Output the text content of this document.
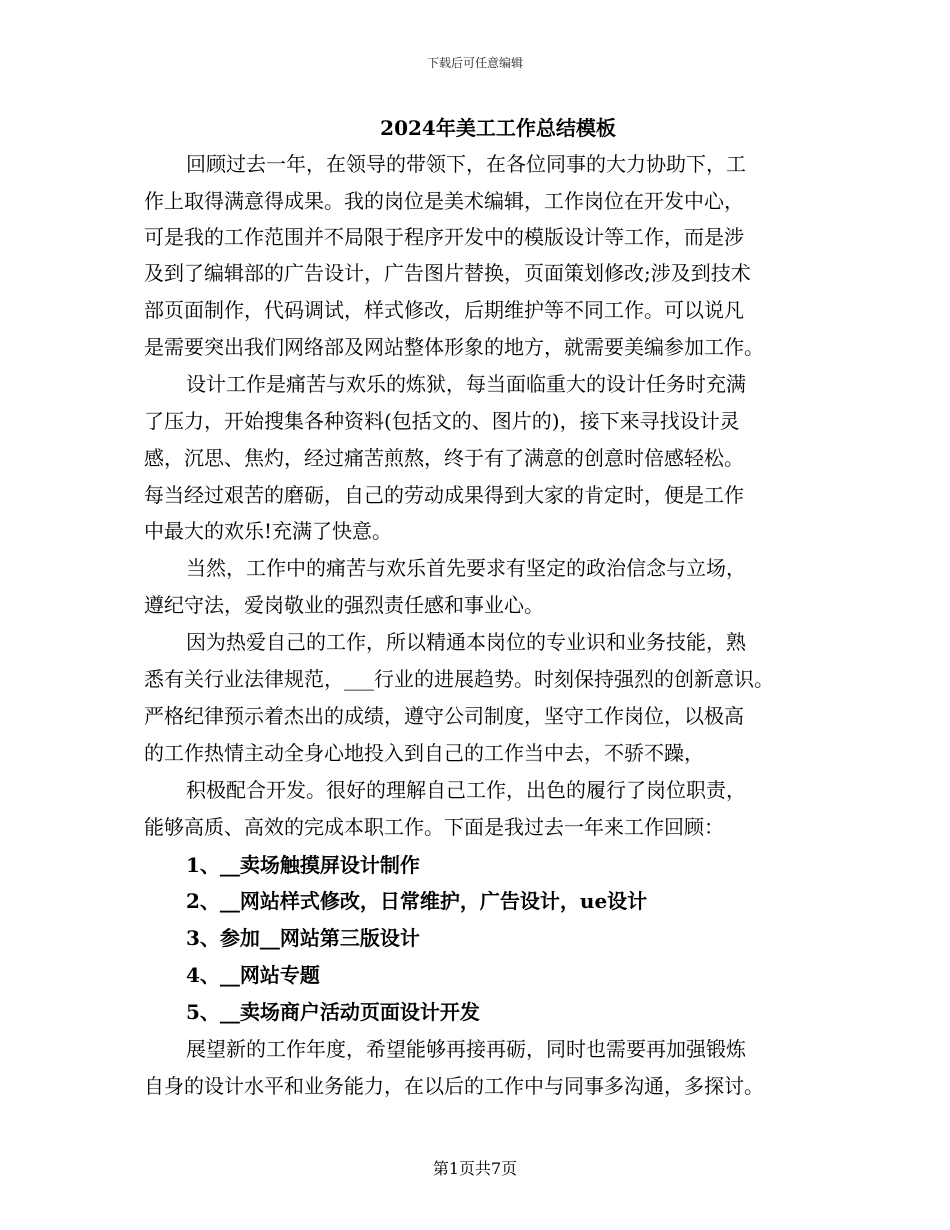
下载后可任意编辑
2024年美工工作总结模板
回顾过去一年，在领导的带领下，在各位同事的大力协助下，工
作上取得满意得成果。我的岗位是美术编辑，工作岗位在开发中心，
可是我的工作范围并不局限于程序开发中的模版设计等工作，而是涉
及到了编辑部的广告设计，广告图片替换，页面策划修改;涉及到技术
部页面制作，代码调试，样式修改，后期维护等不同工作。可以说凡
是需要突出我们网络部及网站整体形象的地方，就需要美编参加工作。
设计工作是痛苦与欢乐的炼狱，每当面临重大的设计任务时充满
了压力，开始搜集各种资料(包括文的、图片的)，接下来寻找设计灵
感，沉思、焦灼，经过痛苦煎熬，终于有了满意的创意时倍感轻松。
每当经过艰苦的磨砺，自己的劳动成果得到大家的肯定时，便是工作
中最大的欢乐!充满了快意。
当然，工作中的痛苦与欢乐首先要求有坚定的政治信念与立场，
遵纪守法，爱岗敬业的强烈责任感和事业心。
因为热爱自己的工作，所以精通本岗位的专业识和业务技能，熟
悉有关行业法律规范，___行业的进展趋势。时刻保持强烈的创新意识。
严格纪律预示着杰出的成绩，遵守公司制度，坚守工作岗位，以极高
的工作热情主动全身心地投入到自己的工作当中去，不骄不躁，
积极配合开发。很好的理解自己工作，出色的履行了岗位职责，
能够高质、高效的完成本职工作。下面是我过去一年来工作回顾：
1、__卖场触摸屏设计制作
2、__网站样式修改，日常维护，广告设计，ue设计
3、参加__网站第三版设计
4、__网站专题
5、__卖场商户活动页面设计开发
展望新的工作年度，希望能够再接再砺，同时也需要再加强锻炼
自身的设计水平和业务能力，在以后的工作中与同事多沟通，多探讨。
第1页共7页
